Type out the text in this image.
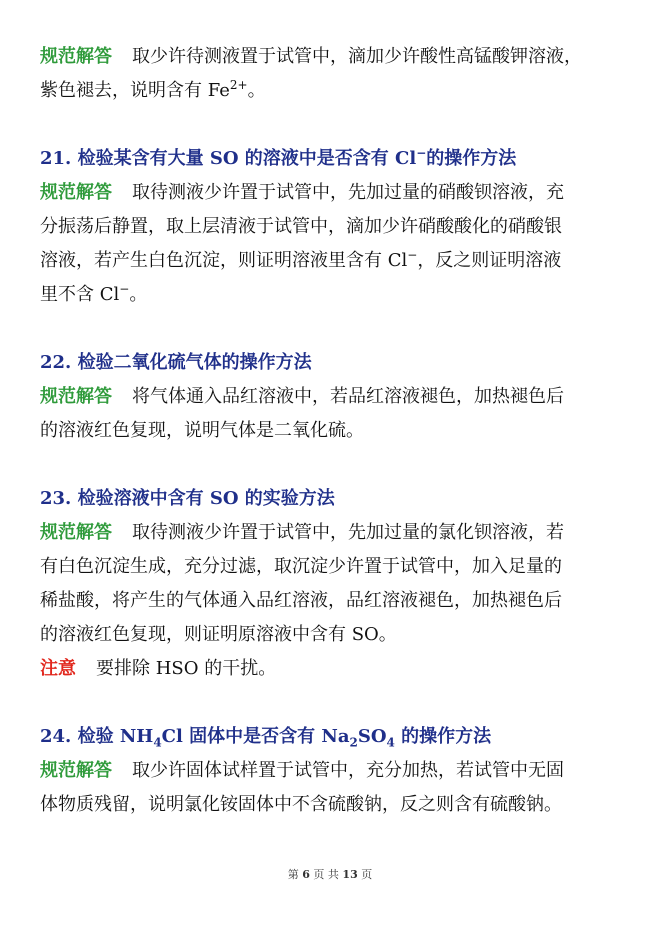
规范解答 取少许待测液置于试管中，滴加少许酸性高锰酸钾溶液，
紫色褪去，说明含有 $Fe^{2+}$。
21. 检验某含有大量 SO 的溶液中是否含有 Cl−的操作方法
规范解答 取待测液少许置于试管中，先加过量的硝酸钡溶液，充
分振荡后静置，取上层清液于试管中，滴加少许硝酸酸化的硝酸银
溶液，若产生白色沉淀，则证明溶液里含有 Cl−，反之则证明溶液
里不含 Cl−。
22. 检验二氧化硫气体的操作方法
规范解答 将气体通入品红溶液中，若品红溶液褪色，加热褪色后
的溶液红色复现，说明气体是二氧化硫。
23. 检验溶液中含有 SO 的实验方法
规范解答 取待测液少许置于试管中，先加过量的氯化钡溶液，若
有白色沉淀生成，充分过滤，取沉淀少许置于试管中，加入足量的
稀盐酸，将产生的气体通入品红溶液，品红溶液褪色，加热褪色后
的溶液红色复现，则证明原溶液中含有 SO。
注意 要排除 HSO 的干扰。
24. 检验 $NH_4Cl$ 固体中是否含有 $Na_2SO_4$ 的操作方法
规范解答 取少许固体试样置于试管中，充分加热，若试管中无固
体物质残留，说明氯化铵固体中不含硫酸钠，反之则含有硫酸钠。
第 6 页 共 13 页
